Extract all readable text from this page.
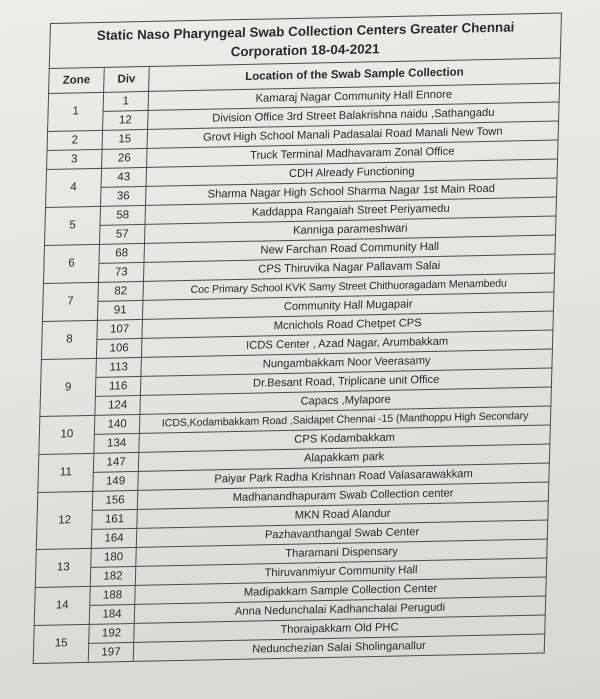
Static Naso Pharyngeal Swab Collection Centers Greater Chennai
Corporation 18-04-2021		
Zone	Div	Location of the Swab Sample Collection
1	1	Kamaraj Nagar Community Hall Ennore
	12	Division Office 3rd Street Balakrishna naidu ,Sathangadu
2	15	Grovt High School Manali Padasalai Road Manali New Town
3	26	Truck Terminal Madhavaram Zonal Office
4	43	CDH Already Functioning
	36	Sharma Nagar High School Sharma Nagar 1st Main Road
5	58	Kaddappa Rangaiah Street Periyamedu
	57	Kanniga parameshwari
6	68	New Farchan Road Community Hall
	73	CPS Thiruvika Nagar Pallavam Salai
7	82	Coc Primary School KVK Samy Street Chithuoragadam Menambedu
	91	Community Hall Mugapair
8	107	Mcnichols Road Chetpet CPS
	106	ICDS Center , Azad Nagar, Arumbakkam
9	113	Nungambakkam Noor Veerasamy
	116	Dr.Besant Road, Triplicane unit Office
	124	Capacs ,Mylapore
10	140	ICDS,Kodambakkam Road ,Saidapet Chennai -15 (Manthoppu High Secondary
	134	CPS Kodambakkam
11	147	Alapakkam park
	149	Paiyar Park Radha Krishnan Road Valasarawakkam
12	156	Madhanandhapuram Swab Collection center
	161	MKN Road Alandur
	164	Pazhavanthangal Swab Center
13	180	Tharamani Dispensary
	182	Thiruvanmiyur Community Hall
14	188	Madipakkam Sample Collection Center
	184	Anna Nedunchalai Kadhanchalai Perugudi
15	192	Thoraipakkam Old PHC
	197	Nedunchezian Salai Sholinganallur
